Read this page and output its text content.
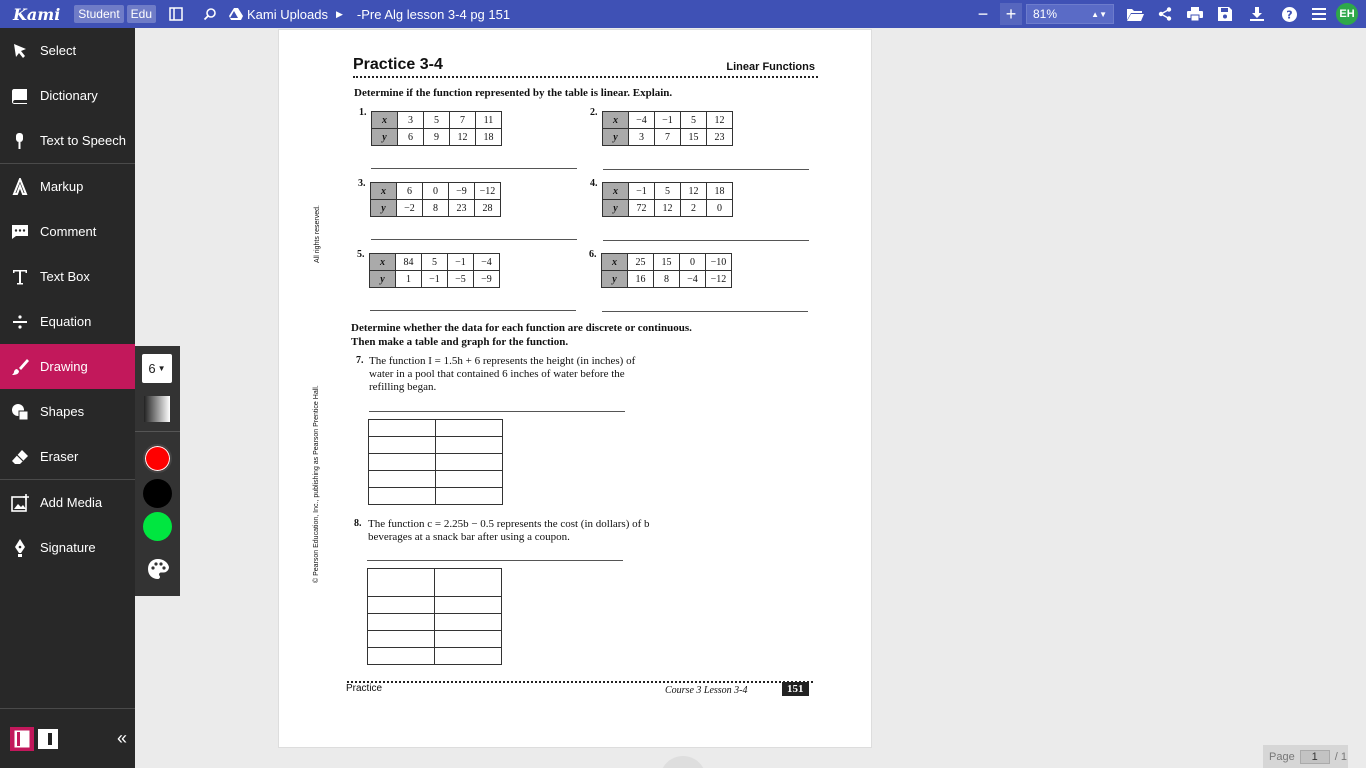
Kami	Student Edu	Kami Uploads ▶ -Pre Alg lesson 3-4 pg 151	− +	81%	▲▼	?	EH
Select
Dictionary
Text to Speech
Markup
Comment
Text Box
Equation
Drawing
Shapes
Eraser
Add Media
Signature
«
6 ▼
Practice 3-4	Linear Functions
Determine if the function represented by the table is linear. Explain.
1.
x	3	5	7	11
y	6	9	12	18
2.
x	−4	−1	5	12
y	3	7	15	23
3.
x	6	0	−9	−12
y	−2	8	23	28
4.
x	−1	5	12	18
y	72	12	2	0
5.
x	84	5	−1	−4
y	1	−1	−5	−9
6.
x	25	15	0	−10
y	16	8	−4	−12
Determine whether the data for each function are discrete or continuous.
Then make a table and graph for the function.
7. The function I = 1.5h + 6 represents the height (in inches) of
water in a pool that contained 6 inches of water before the
refilling began.

8. The function c = 2.25b − 0.5 represents the cost (in dollars) of b
beverages at a snack bar after using a coupon.

All rights reserved.
© Pearson Education, Inc., publishing as Pearson Prentice Hall.
Practice	Course 3 Lesson 3-4	151
Page	1	/ 1
